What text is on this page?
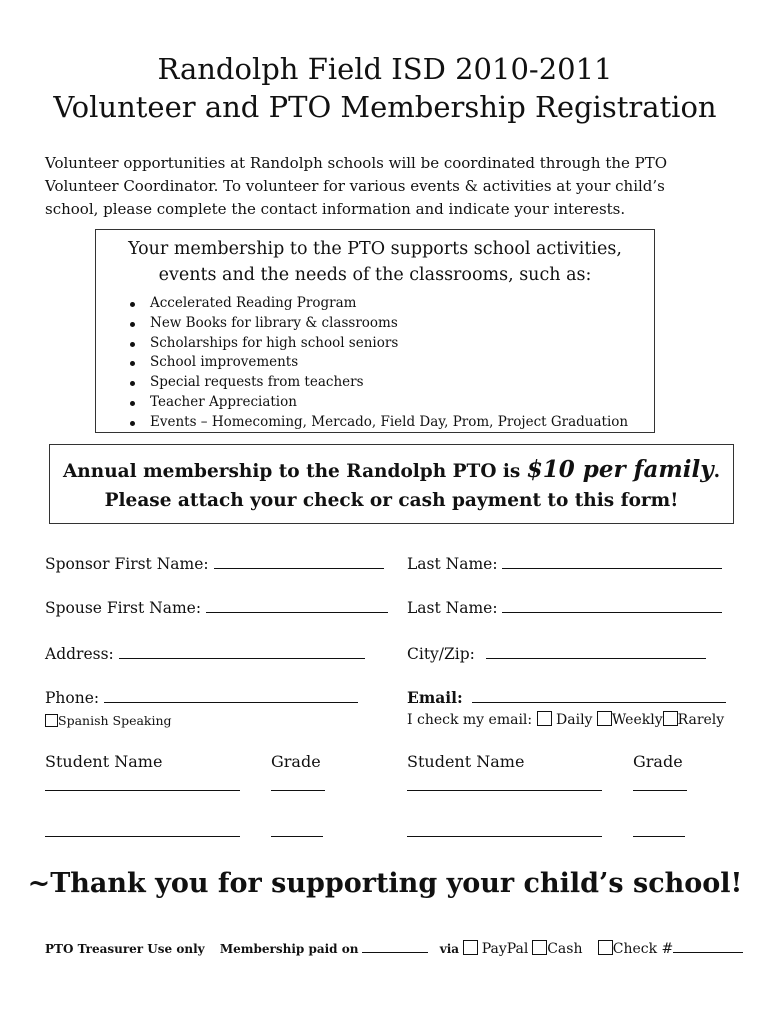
Randolph Field ISD 2010-2011
Volunteer and PTO Membership Registration
Volunteer opportunities at Randolph schools will be coordinated through the PTO
Volunteer Coordinator. To volunteer for various events & activities at your child’s
school, please complete the contact information and indicate your interests.
Your membership to the PTO supports school activities,
events and the needs of the classrooms, such as:
Accelerated Reading Program
New Books for library & classrooms
Scholarships for high school seniors
School improvements
Special requests from teachers
Teacher Appreciation
Events – Homecoming, Mercado, Field Day, Prom, Project Graduation
Annual membership to the Randolph PTO is $10 per family.
Please attach your check or cash payment to this form!
Sponsor First Name:	Last Name:
Spouse First Name:	Last Name:
Address:	City/Zip:
Phone:	Email:
Spanish Speaking	I check my email: Daily Weekly Rarely
Student Name	Grade	Student Name	Grade
~Thank you for supporting your child’s school!
PTO Treasurer Use only Membership paid on	via PayPal Cash Check #
